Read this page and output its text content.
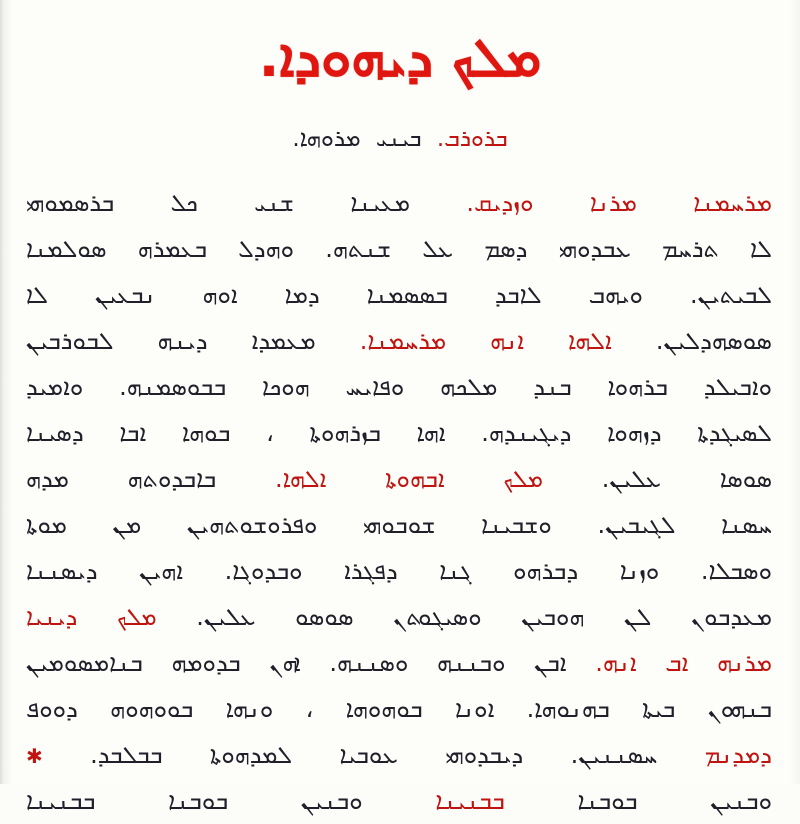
ܡܠܟ ܕܝܗܘܕܐ.
ܒܪܘܪܒ. ܒܝܢܝ ܡܪܘܗܐ.
ܡܪܚܡܢܐ ܡܪܢܐ ܘܙܕܝܩ. ܡܥܝܢܐ ܫܢܝ ܟܠ ܒܪܣܡܘܗܝ
ܠܐ ܬܪܚܡ ܥܒܕܘܗܝ ܕܣܡ ܥܠ ܫܢܬܗ. ܘܗܕܠ ܒܥܡܪܗ ܣܘܠܡܢܐ
ܠܒܝܬܝܢ. ܘܝܗܒ ܠܐܒܕ ܒܣܣܡܢܐ ܕܡܐ ܐܘܗ ܢܒܥܝܢ ܠܐ
ܣܘܣܗܕܠܝܢ. ܐܠܗܐ ܐܢܗ ܡܪܚܡܢܐ. ܡܥܡܕܐ ܕܝܢܗ ܠܒܘܪܒܝܢ
ܘܐܒܝܠܕ ܒܪܗܘܐ ܒܢܕ ܡܠܟܗ ܘܦܐܝܚ ܗܘܟܐ ܒܒܘܣܡܢܗ. ܘܐܡܝܕ
ܠܣܝܓܕܬܐ ܕܙܗܘܐ ܕܝܓܝܢܕܗ. ܐܗܐ ܒܙܪܗܘܬܐ ، ܒܘܗܐ ܐܒܐ ܕܣܝܢܐ
ܣܘܣܐ ܥܠܝܢ. ܡܠܟ ܐܒܗܘܬܐ ܐܠܗܐ. ܒܐܒܕܘܬܗ ܡܕܗ
ܚܣܢܐ ܠܓܝܒܝܢ. ܘܫܒܝܢܐ ܫܘܒܘܗܝ ܘܦܪܘܫܘܬܗܝܢ ܡܢ ܡܘܬܐ
ܘܣܒܠܐ. ܘܙܢܐ ܕܒܪܗܘ ܓܢܐ ܕܦܓܪܐ ܘܒܕܘܓܐ. ܐܗܝܢ ܕܝܣܢܢܐ
ܡܥܕܒܘܢ ܠܢ ܗܘܒܝܢ ܘܣܝܓܘܬܢ ܣܘܣܘ ܥܠܝܢ. ܡܠܟ ܕܝܢܝܐ
ܡܪܢܗ ܐܒ ܐܢܗ. ܐܒܢ ܘܒܢܢܗ ܘܣܢܢܗ. ܐܗܢ ܒܕܘܡܗ ܒܢܐܡܣܘܡܝܢ
ܒܢܗܘܢ ܒܝܬܐ ܒܗܢܘܗܐ. ܐܘܢܐ ܒܘܗܘܗܐ ، ܘܢܗܐ ܒܘܘܗܘܗ ܕܘܘܦ
ܕܡܕܢܡ ܚܣܢܢܝܢ. ܕܝܒܕܘܗܝ ܥܘܒܝܐ ܠܡܕܗܘܬܐ ܒܒܠܒܕ. ✱
ܘܒܢܝܢ ܒܘܒܢܐ ܒܒܢܝܢܐ ܘܒܢܝܢ ܒܘܒܢܐ ܒܒܢܝܢܐ
